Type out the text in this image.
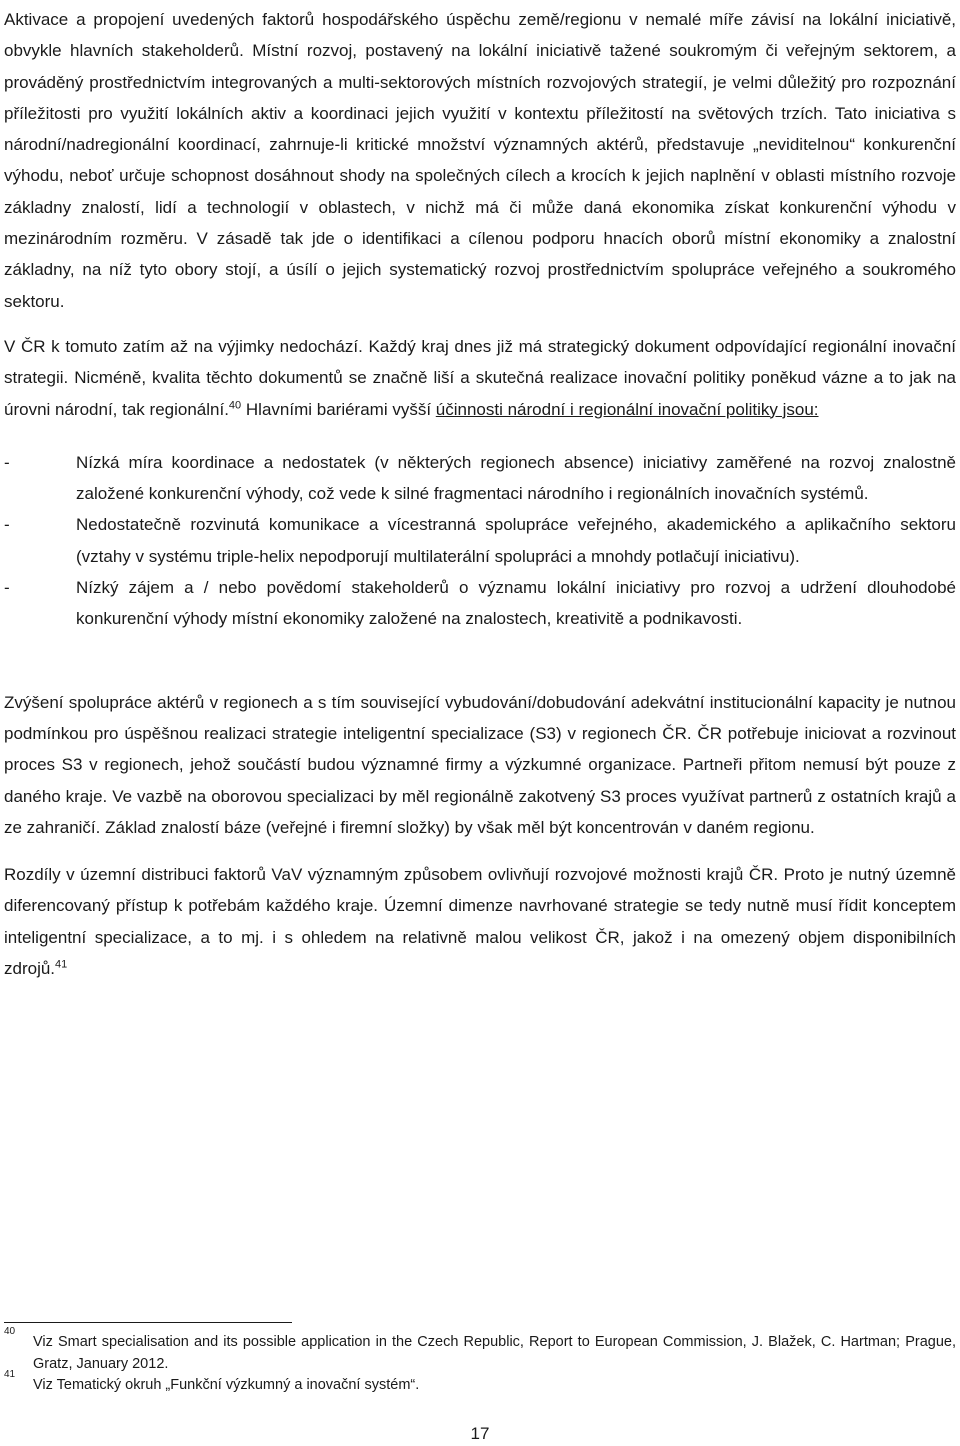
Aktivace a propojení uvedených faktorů hospodářského úspěchu země/regionu v nemalé míře závisí na lokální iniciativě, obvykle hlavních stakeholderů. Místní rozvoj, postavený na lokální iniciativě tažené soukromým či veřejným sektorem, a prováděný prostřednictvím integrovaných a multi-sektorových místních rozvojových strategií, je velmi důležitý pro rozpoznání příležitosti pro využití lokálních aktiv a koordinaci jejich využití v kontextu příležitostí na světových trzích. Tato iniciativa s národní/nadregionální koordinací, zahrnuje-li kritické množství významných aktérů, představuje „neviditelnou“ konkurenční výhodu, neboť určuje schopnost dosáhnout shody na společných cílech a krocích k jejich naplnění v oblasti místního rozvoje základny znalostí, lidí a technologií v oblastech, v nichž má či může daná ekonomika získat konkurenční výhodu v mezinárodním rozměru. V zásadě tak jde o identifikaci a cílenou podporu hnacích oborů místní ekonomiky a znalostní základny, na níž tyto obory stojí, a úsílí o jejich systematický rozvoj prostřednictvím spolupráce veřejného a soukromého sektoru.

V ČR k tomuto zatím až na výjimky nedochází. Každý kraj dnes již má strategický dokument odpovídající regionální inovační strategii. Nicméně, kvalita těchto dokumentů se značně liší a skutečná realizace inovační politiky poněkud vázne a to jak na úrovni národní, tak regionální.$^{40}$ Hlavními bariérami vyšší účinnosti národní i regionální inovační politiky jsou:

-	Nízká míra koordinace a nedostatek (v některých regionech absence) iniciativy zaměřené na rozvoj znalostně založené konkurenční výhody, což vede k silné fragmentaci národního i regionálních inovačních systémů.
-	Nedostatečně rozvinutá komunikace a vícestranná spolupráce veřejného, akademického a aplikačního sektoru (vztahy v systému triple-helix nepodporují multilaterální spolupráci a mnohdy potlačují iniciativu).
-	Nízký zájem a / nebo povědomí stakeholderů o významu lokální iniciativy pro rozvoj a udržení dlouhodobé konkurenční výhody místní ekonomiky založené na znalostech, kreativitě a podnikavosti.

Zvýšení spolupráce aktérů v regionech a s tím související vybudování/dobudování adekvátní institucionální kapacity je nutnou podmínkou pro úspěšnou realizaci strategie inteligentní specializace (S3) v regionech ČR. ČR potřebuje iniciovat a rozvinout proces S3 v regionech, jehož součástí budou významné firmy a výzkumné organizace. Partneři přitom nemusí být pouze z daného kraje. Ve vazbě na oborovou specializaci by měl regionálně zakotvený S3 proces využívat partnerů z ostatních krajů a ze zahraničí. Základ znalostí báze (veřejné i firemní složky) by však měl být koncentrován v daném regionu.

Rozdíly v územní distribuci faktorů VaV významným způsobem ovlivňují rozvojové možnosti krajů ČR. Proto je nutný územně diferencovaný přístup k potřebám každého kraje. Územní dimenze navrhované strategie se tedy nutně musí řídit konceptem inteligentní specializace, a to mj. i s ohledem na relativně malou velikost ČR, jakož i na omezený objem disponibilních zdrojů.$^{41}$

40
Viz Smart specialisation and its possible application in the Czech Republic, Report to European Commission, J. Blažek, C. Hartman; Prague, Gratz, January 2012.
41
Viz Tematický okruh „Funkční výzkumný a inovační systém“.
17
